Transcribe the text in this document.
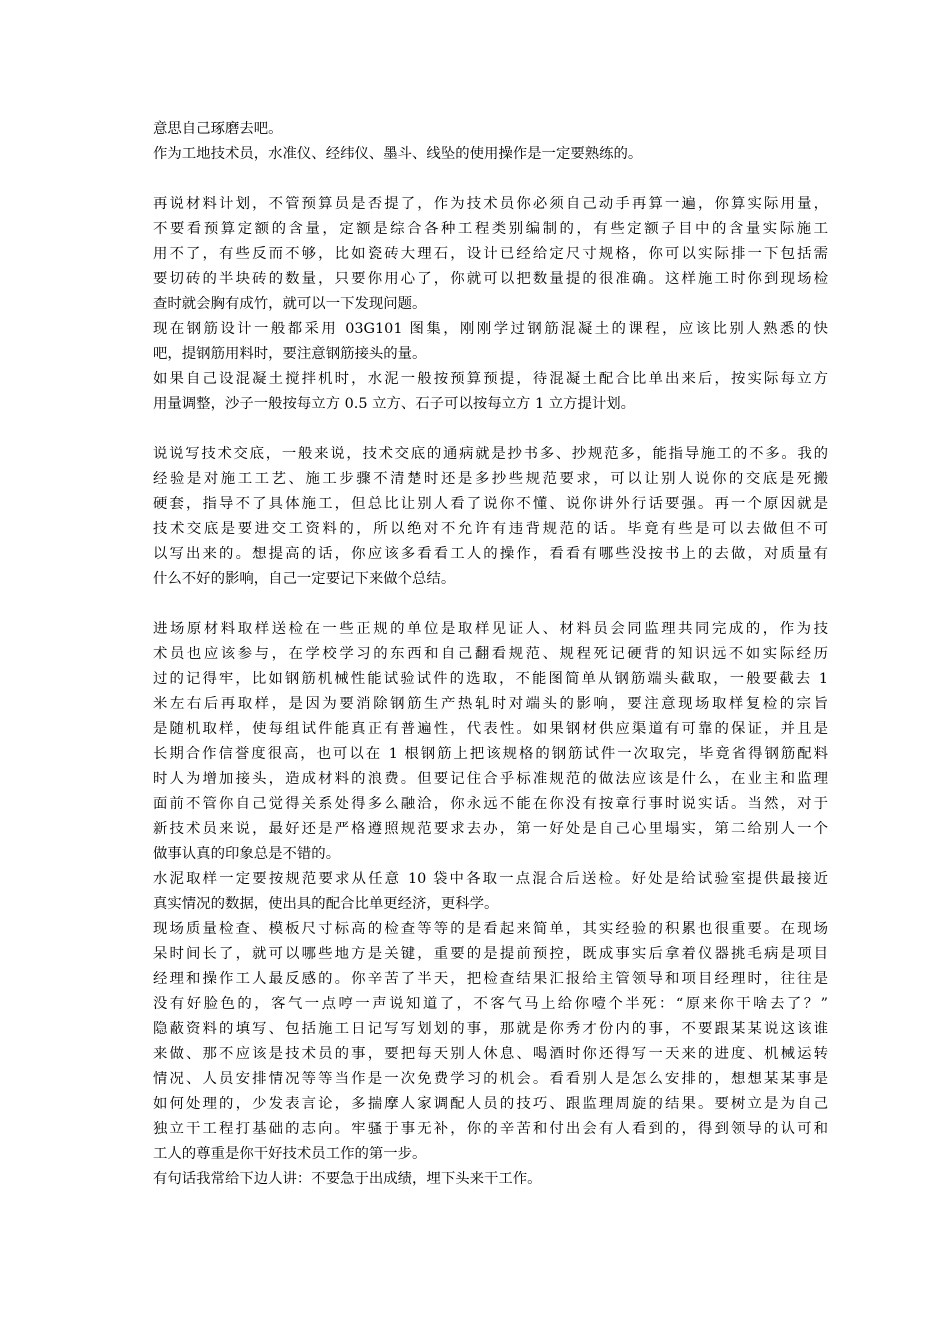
意思自己琢磨去吧。
作为工地技术员，水准仪、经纬仪、墨斗、线坠的使用操作是一定要熟练的。
再说材料计划，不管预算员是否提了，作为技术员你必须自己动手再算一遍，你算实际用量，
不要看预算定额的含量，定额是综合各种工程类别编制的，有些定额子目中的含量实际施工
用不了，有些反而不够，比如瓷砖大理石，设计已经给定尺寸规格，你可以实际排一下包括需
要切砖的半块砖的数量，只要你用心了，你就可以把数量提的很准确。这样施工时你到现场检
查时就会胸有成竹，就可以一下发现问题。
现在钢筋设计一般都采用 03G101 图集，刚刚学过钢筋混凝土的课程，应该比别人熟悉的快
吧，提钢筋用料时，要注意钢筋接头的量。
如果自己设混凝土搅拌机时，水泥一般按预算预提，待混凝土配合比单出来后，按实际每立方
用量调整，沙子一般按每立方 0.5 立方、石子可以按每立方 1 立方提计划。
说说写技术交底，一般来说，技术交底的通病就是抄书多、抄规范多，能指导施工的不多。我的
经验是对施工工艺、施工步骤不清楚时还是多抄些规范要求，可以让别人说你的交底是死搬
硬套，指导不了具体施工，但总比让别人看了说你不懂、说你讲外行话要强。再一个原因就是
技术交底是要进交工资料的，所以绝对不允许有违背规范的话。毕竟有些是可以去做但不可
以写出来的。想提高的话，你应该多看看工人的操作，看看有哪些没按书上的去做，对质量有
什么不好的影响，自己一定要记下来做个总结。
进场原材料取样送检在一些正规的单位是取样见证人、材料员会同监理共同完成的，作为技
术员也应该参与，在学校学习的东西和自己翻看规范、规程死记硬背的知识远不如实际经历
过的记得牢，比如钢筋机械性能试验试件的选取，不能图简单从钢筋端头截取，一般要截去 1
米左右后再取样，是因为要消除钢筋生产热轧时对端头的影响，要注意现场取样复检的宗旨
是随机取样，使每组试件能真正有普遍性，代表性。如果钢材供应渠道有可靠的保证，并且是
长期合作信誉度很高，也可以在 1 根钢筋上把该规格的钢筋试件一次取完，毕竟省得钢筋配料
时人为增加接头，造成材料的浪费。但要记住合乎标准规范的做法应该是什么，在业主和监理
面前不管你自己觉得关系处得多么融洽，你永远不能在你没有按章行事时说实话。当然，对于
新技术员来说，最好还是严格遵照规范要求去办，第一好处是自己心里塌实，第二给别人一个
做事认真的印象总是不错的。
水泥取样一定要按规范要求从任意 10 袋中各取一点混合后送检。好处是给试验室提供最接近
真实情况的数据，使出具的配合比单更经济，更科学。
现场质量检查、模板尺寸标高的检查等等的是看起来简单，其实经验的积累也很重要。在现场
呆时间长了，就可以哪些地方是关键，重要的是提前预控，既成事实后拿着仪器挑毛病是项目
经理和操作工人最反感的。你辛苦了半天，把检查结果汇报给主管领导和项目经理时，往往是
没有好脸色的，客气一点哼一声说知道了，不客气马上给你噎个半死：“原来你干啥去了？”
隐蔽资料的填写、包括施工日记写写划划的事，那就是你秀才份内的事，不要跟某某说这该谁
来做、那不应该是技术员的事，要把每天别人休息、喝酒时你还得写一天来的进度、机械运转
情况、人员安排情况等等当作是一次免费学习的机会。看看别人是怎么安排的，想想某某事是
如何处理的，少发表言论，多揣摩人家调配人员的技巧、跟监理周旋的结果。要树立是为自己
独立干工程打基础的志向。牢骚于事无补，你的辛苦和付出会有人看到的，得到领导的认可和
工人的尊重是你干好技术员工作的第一步。
有句话我常给下边人讲：不要急于出成绩，埋下头来干工作。
